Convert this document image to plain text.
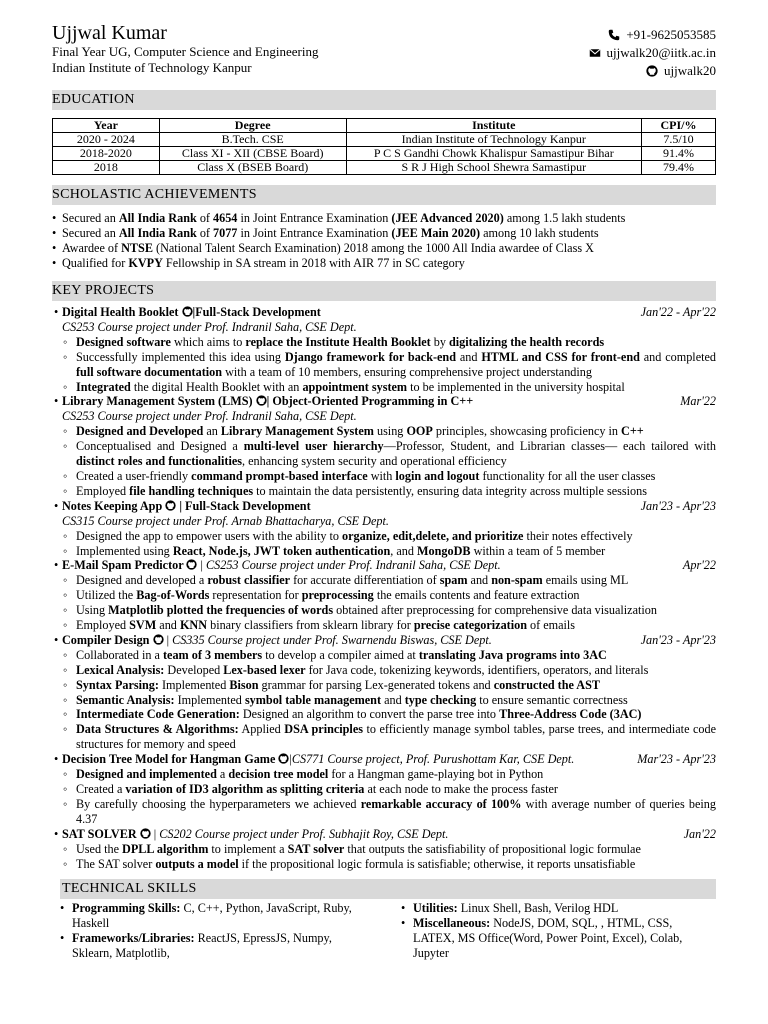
Ujjwal Kumar
Final Year UG, Computer Science and Engineering
Indian Institute of Technology Kanpur
+91-9625053585
ujjwalk20@iitk.ac.in
ujjwalk20
EDUCATION
Year	Degree	Institute	CPI/%
2020 - 2024	B.Tech. CSE	Indian Institute of Technology Kanpur	7.5/10
2018-2020	Class XI - XII (CBSE Board)	P C S Gandhi Chowk Khalispur Samastipur Bihar	91.4%
2018	Class X (BSEB Board)	S R J High School Shewra Samastipur	79.4%
SCHOLASTIC ACHIEVEMENTS
• Secured an All India Rank of 4654 in Joint Entrance Examination (JEE Advanced 2020) among 1.5 lakh students
• Secured an All India Rank of 7077 in Joint Entrance Examination (JEE Main 2020) among 10 lakh students
• Awardee of NTSE (National Talent Search Examination) 2018 among the 1000 All India awardee of Class X
• Qualified for KVPY Fellowship in SA stream in 2018 with AIR 77 in SC category
KEY PROJECTS
• Digital Health Booklet |Full-Stack Development	Jan'22 - Apr'22
CS253 Course project under Prof. Indranil Saha, CSE Dept.
◦ Designed software which aims to replace the Institute Health Booklet by digitalizing the health records
◦ Successfully implemented this idea using Django framework for back-end and HTML and CSS for front-end and completed full software documentation with a team of 10 members, ensuring comprehensive project understanding
◦ Integrated the digital Health Booklet with an appointment system to be implemented in the university hospital
• Library Management System (LMS) | Object-Oriented Programming in C++	Mar'22
CS253 Course project under Prof. Indranil Saha, CSE Dept.
◦ Designed and Developed an Library Management System using OOP principles, showcasing proficiency in C++
◦ Conceptualised and Designed a multi-level user hierarchy—Professor, Student, and Librarian classes— each tailored with distinct roles and functionalities, enhancing system security and operational efficiency
◦ Created a user-friendly command prompt-based interface with login and logout functionality for all the user classes
◦ Employed file handling techniques to maintain the data persistently, ensuring data integrity across multiple sessions
• Notes Keeping App  | Full-Stack Development	Jan'23 - Apr'23
CS315 Course project under Prof. Arnab Bhattacharya, CSE Dept.
◦ Designed the app to empower users with the ability to organize, edit,delete, and prioritize their notes effectively
◦ Implemented using React, Node.js, JWT token authentication, and MongoDB within a team of 5 member
• E-Mail Spam Predictor  | CS253 Course project under Prof. Indranil Saha, CSE Dept.	Apr'22
◦ Designed and developed a robust classifier for accurate differentiation of spam and non-spam emails using ML
◦ Utilized the Bag-of-Words representation for preprocessing the emails contents and feature extraction
◦ Using Matplotlib plotted the frequencies of words obtained after preprocessing for comprehensive data visualization
◦ Employed SVM and KNN binary classifiers from sklearn library for precise categorization of emails
• Compiler Design  | CS335 Course project under Prof. Swarnendu Biswas, CSE Dept.	Jan'23 - Apr'23
◦ Collaborated in a team of 3 members to develop a compiler aimed at translating Java programs into 3AC
◦ Lexical Analysis: Developed Lex-based lexer for Java code, tokenizing keywords, identifiers, operators, and literals
◦ Syntax Parsing: Implemented Bison grammar for parsing Lex-generated tokens and constructed the AST
◦ Semantic Analysis: Implemented symbol table management and type checking to ensure semantic correctness
◦ Intermediate Code Generation: Designed an algorithm to convert the parse tree into Three-Address Code (3AC)
◦ Data Structures & Algorithms: Applied DSA principles to efficiently manage symbol tables, parse trees, and intermediate code structures for memory and speed
• Decision Tree Model for Hangman Game |CS771 Course project, Prof. Purushottam Kar, CSE Dept.	Mar'23 - Apr'23
◦ Designed and implemented a decision tree model for a Hangman game-playing bot in Python
◦ Created a variation of ID3 algorithm as splitting criteria at each node to make the process faster
◦ By carefully choosing the hyperparameters we achieved remarkable accuracy of 100% with average number of queries being 4.37
• SAT SOLVER  | CS202 Course project under Prof. Subhajit Roy, CSE Dept.	Jan'22
◦ Used the DPLL algorithm to implement a SAT solver that outputs the satisfiability of propositional logic formulae
◦ The SAT solver outputs a model if the propositional logic formula is satisfiable; otherwise, it reports unsatisfiable
TECHNICAL SKILLS
• Programming Skills: C, C++, Python, JavaScript, Ruby, Haskell
• Frameworks/Libraries: ReactJS, EpressJS, Numpy, Sklearn, Matplotlib,
• Utilities: Linux Shell, Bash, Verilog HDL
• Miscellaneous: NodeJS, DOM, SQL, , HTML, CSS, LATEX, MS Office(Word, Power Point, Excel), Colab, Jupyter
